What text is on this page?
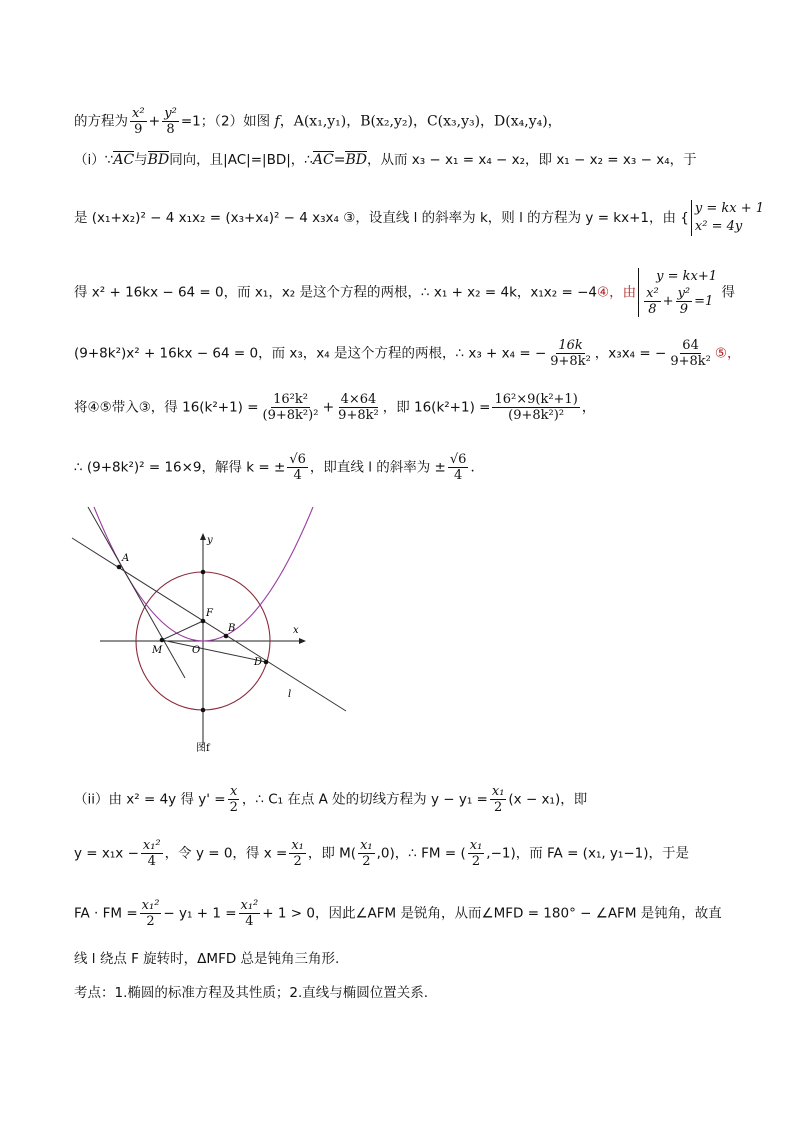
的方程为 $\frac{\text{x²}}{9} + \frac{\text{y²}}{8} =1$；（2）如图 f，A(x₁,y₁)，B(x₂,y₂)，C(x₃,y₃)，D(x₄,y₄)，
（i）∵AC与BD同向，且|AC|=|BD|，∴AC=BD，从而 x₃ − x₁ = x₄ − x₂，即 x₁ − x₂ = x₃ − x₄，于
是 (x₁+x₂)² − 4 x₁x₂ = (x₃+x₄)² − 4 x₃x₄ ③，设直线 l 的斜率为 k，则 l 的方程为 y = kx+1，由 {
y = kx + 1
x² = 4y
得 x² + 16kx − 64 = 0，而 x₁，x₂ 是这个方程的两根，∴ x₁ + x₂ = 4k，x₁x₂ = −4④，由
y = kx+1
$\frac{\text{x²}}{8} + \frac{\text{y²}}{9} =1$
得
(9+8k²)x² + 16kx − 64 = 0，而 x₃，x₄ 是这个方程的两根，∴ x₃ + x₄ = − $\frac{16k}{\text{9+8k²}}$ ，x₃x₄ = − $\frac{64}{\text{9+8k²}}$ ⑤，
将④⑤带入③，得 $16(k^2+1) = \frac{\text{16²k²}}{\text{(9+8k²)²}} + \frac{4\times 64}{\text{9+8k²}}$ ，即 $16(k^2+1) = \frac{\text{16²×9(k²+1)}}{\text{(9+8k²)²}}$ ，
∴ (9+8k²)² = 16×9，解得 k = ± $\frac{√6}{4}$ ，即直线 l 的斜率为 ± $\frac{√6}{4}$ .
A
F
B
M	O
D
x
y
l
图f
（ii）由 x² = 4y 得 $y' = \frac{x}{2}$ ，∴ C₁ 在点 A 处的切线方程为 $y - y_1 = \frac{\text{x₁}}{2} (x - x_1)$，即
$y = x_1x - \frac{\text{x₁²}}{4}$ ，令 y = 0，得 $x = \frac{\text{x₁}}{2}$ ，即 $M( \frac{\text{x₁}}{2} ,0)$，∴ FM = ( $\frac{\text{x₁}}{2} ,-1$)，而 FA = (x₁, y₁−1)，于是
FA · FM = $\frac{\text{x₁²}}{2} - y_1 + 1 = \frac{\text{x₁²}}{4} + 1 > 0$，因此∠AFM 是锐角，从而∠MFD = 180° − ∠AFM 是钝角，故直
线 l 绕点 F 旋转时，ΔMFD 总是钝角三角形.
考点：1.椭圆的标准方程及其性质；2.直线与椭圆位置关系.
